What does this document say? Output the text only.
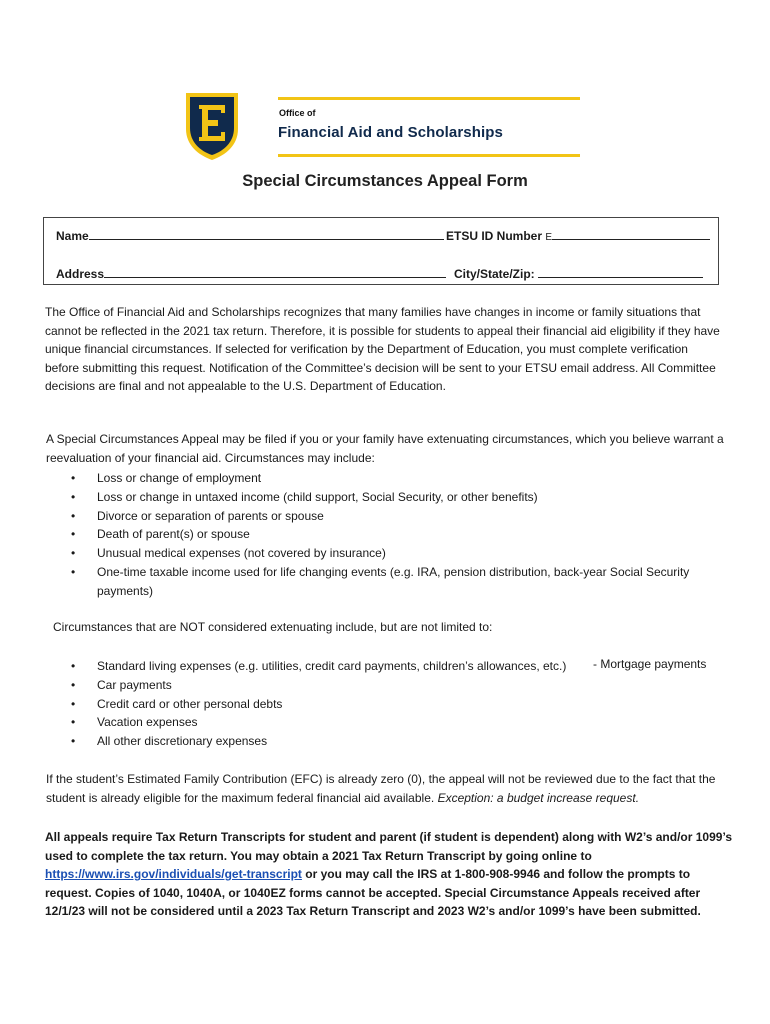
Office of
Financial Aid and Scholarships
Special Circumstances Appeal Form
Name	ETSU ID Number E
Address	City/State/Zip:

The Office of Financial Aid and Scholarships recognizes that many families have changes in income or family situations that cannot be reflected in the 2021 tax return. Therefore, it is possible for students to appeal their financial aid eligibility if they have unique financial circumstances. If selected for verification by the Department of Education, you must complete verification before submitting this request. Notification of the Committee’s decision will be sent to your ETSU email address. All Committee decisions are final and not appealable to the U.S. Department of Education.

A Special Circumstances Appeal may be filed if you or your family have extenuating circumstances, which you believe warrant a reevaluation of your financial aid. Circumstances may include:

• Loss or change of employment
• Loss or change in untaxed income (child support, Social Security, or other benefits)
• Divorce or separation of parents or spouse
• Death of parent(s) or spouse
• Unusual medical expenses (not covered by insurance)
• One-time taxable income used for life changing events (e.g. IRA, pension distribution, back-year Social Security payments)

Circumstances that are NOT considered extenuating include, but are not limited to:

• Standard living expenses (e.g. utilities, credit card payments, children’s allowances, etc.)
• Car payments
• Credit card or other personal debts
• Vacation expenses
• All other discretionary expenses
- Mortgage payments

If the student’s Estimated Family Contribution (EFC) is already zero (0), the appeal will not be reviewed due to the fact that the student is already eligible for the maximum federal financial aid available. Exception: a budget increase request.

All appeals require Tax Return Transcripts for student and parent (if student is dependent) along with W2’s and/or 1099’s used to complete the tax return. You may obtain a 2021 Tax Return Transcript by going online to https://www.irs.gov/individuals/get-transcript or you may call the IRS at 1-800-908-9946 and follow the prompts to request. Copies of 1040, 1040A, or 1040EZ forms cannot be accepted. Special Circumstance Appeals received after 12/1/23 will not be considered until a 2023 Tax Return Transcript and 2023 W2’s and/or 1099’s have been submitted.
